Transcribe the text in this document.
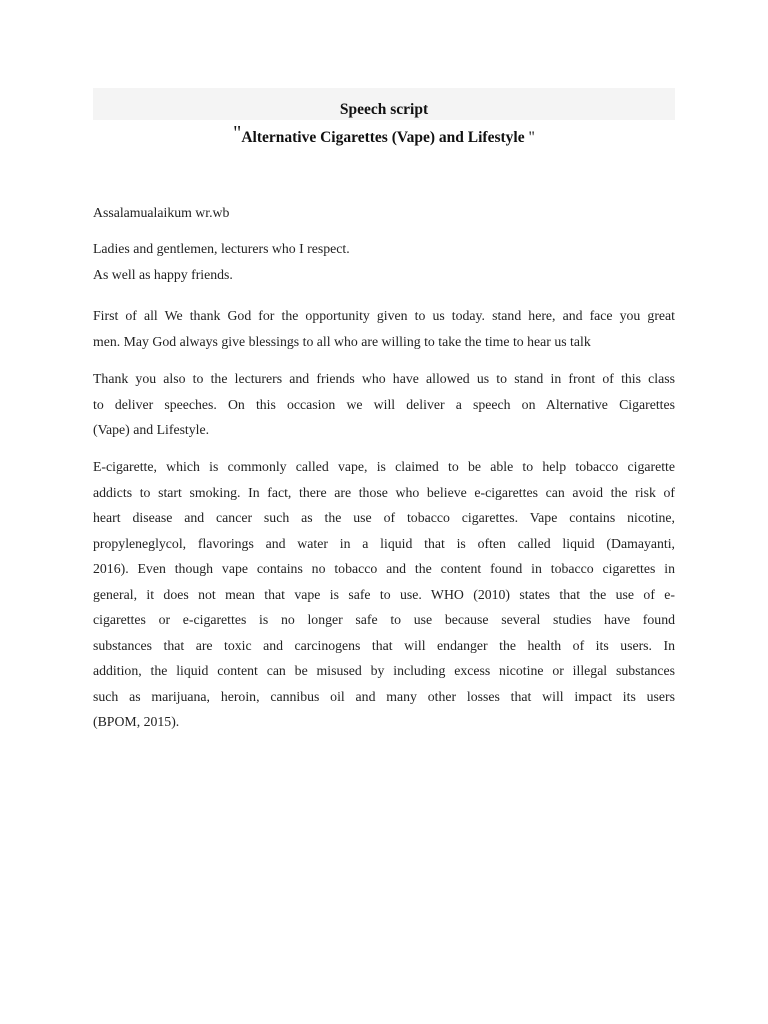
Speech script
"Alternative Cigarettes (Vape) and Lifestyle "
Assalamualaikum wr.wb
Ladies and gentlemen, lecturers who I respect.
As well as happy friends.
First of all We thank God for the opportunity given to us today. stand here, and face you great
men. May God always give blessings to all who are willing to take the time to hear us talk
Thank you also to the lecturers and friends who have allowed us to stand in front of this class
to deliver speeches. On this occasion we will deliver a speech on Alternative Cigarettes
(Vape) and Lifestyle.
E-cigarette, which is commonly called vape, is claimed to be able to help tobacco cigarette
addicts to start smoking. In fact, there are those who believe e-cigarettes can avoid the risk of
heart disease and cancer such as the use of tobacco cigarettes. Vape contains nicotine,
propyleneglycol, flavorings and water in a liquid that is often called liquid (Damayanti,
2016). Even though vape contains no tobacco and the content found in tobacco cigarettes in
general, it does not mean that vape is safe to use. WHO (2010) states that the use of e-
cigarettes or e-cigarettes is no longer safe to use because several studies have found
substances that are toxic and carcinogens that will endanger the health of its users. In
addition, the liquid content can be misused by including excess nicotine or illegal substances
such as marijuana, heroin, cannibus oil and many other losses that will impact its users
(BPOM, 2015).
